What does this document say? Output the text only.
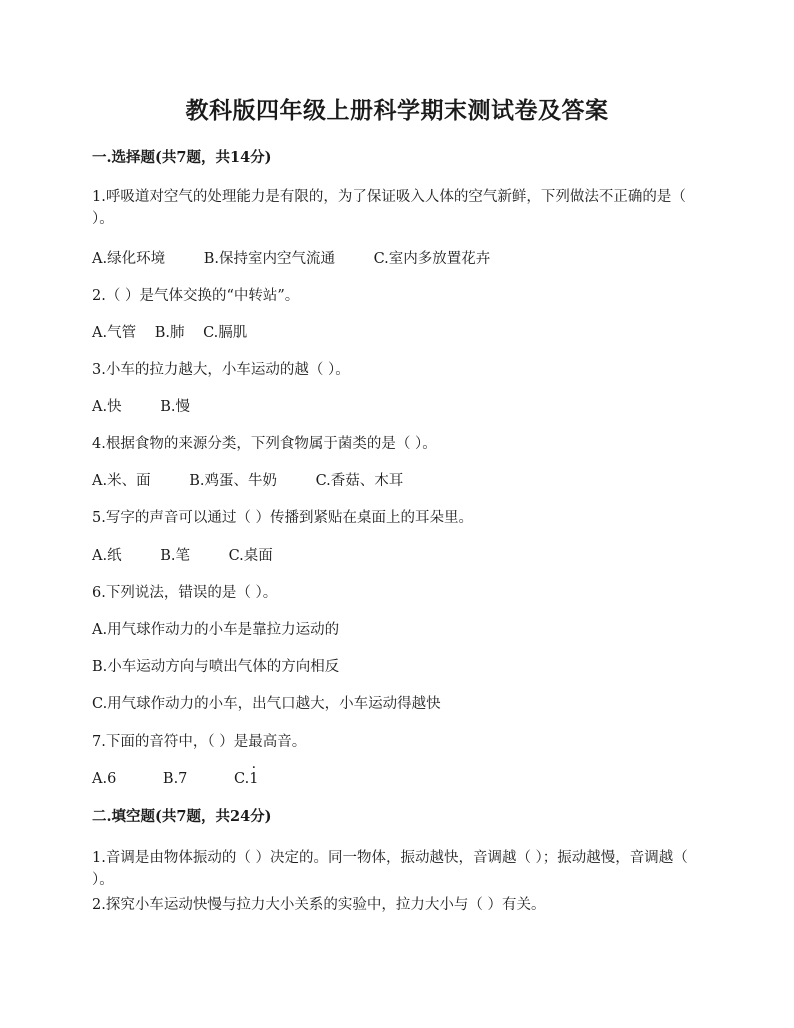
教科版四年级上册科学期末测试卷及答案
一.选择题(共7题，共14分)
1.呼吸道对空气的处理能力是有限的，为了保证吸入人体的空气新鲜，下列做法不正确的是（ ）。
A.绿化环境	B.保持室内空气流通	C.室内多放置花卉
2.（ ）是气体交换的“中转站”。
A.气管 B.肺 C.膈肌
3.小车的拉力越大，小车运动的越（ ）。
A.快	B.慢
4.根据食物的来源分类，下列食物属于菌类的是（ ）。
A.米、面	B.鸡蛋、牛奶	C.香菇、木耳
5.写字的声音可以通过（ ）传播到紧贴在桌面上的耳朵里。
A.纸	B.笔	C.桌面
6.下列说法，错误的是（ ）。
A.用气球作动力的小车是靠拉力运动的
B.小车运动方向与喷出气体的方向相反
C.用气球作动力的小车，出气口越大，小车运动得越快
7.下面的音符中，（ ）是最高音。
A.6	B.7	C.· 1
二.填空题(共7题，共24分)
1.音调是由物体振动的（ ）决定的。同一物体，振动越快，音调越（ ）；振动越慢，音调越（ ）。
2.探究小车运动快慢与拉力大小关系的实验中，拉力大小与（ ）有关。
